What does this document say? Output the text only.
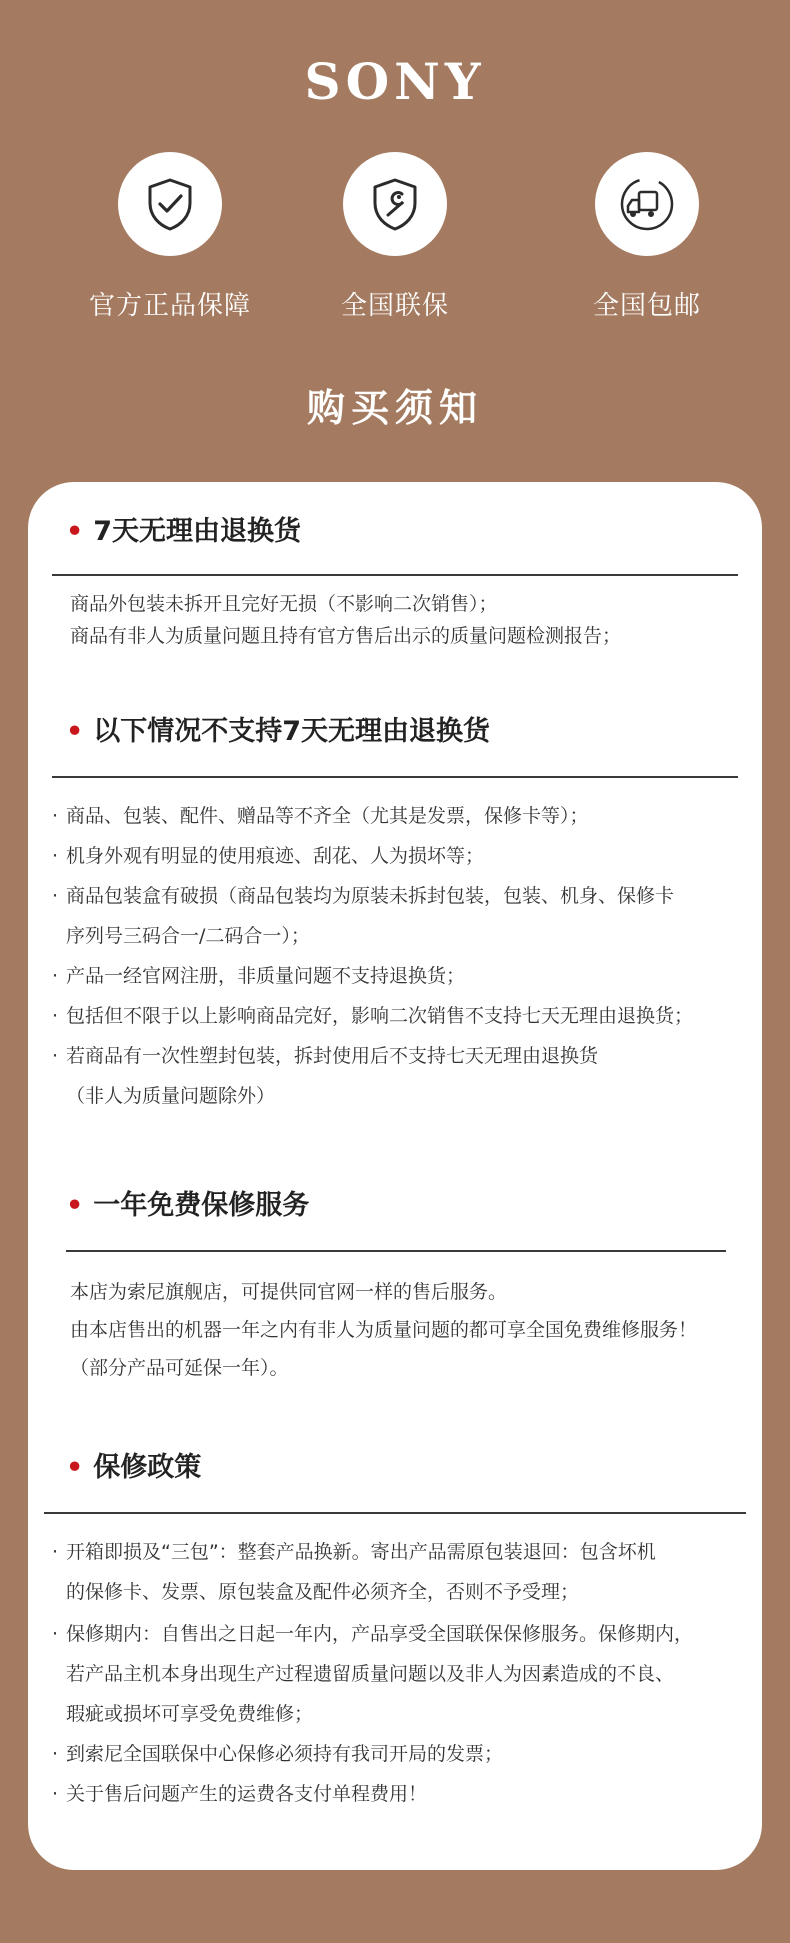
SONY
官方正品保障	全国联保	全国包邮
购买须知
• 7天无理由退换货
商品外包装未拆开且完好无损（不影响二次销售）；
商品有非人为质量问题且持有官方售后出示的质量问题检测报告；
• 以下情况不支持7天无理由退换货
· 商品、包装、配件、赠品等不齐全（尤其是发票，保修卡等）；
· 机身外观有明显的使用痕迹、刮花、人为损坏等；
· 商品包装盒有破损（商品包装均为原装未拆封包装，包装、机身、保修卡
序列号三码合一/二码合一）；
· 产品一经官网注册，非质量问题不支持退换货；
· 包括但不限于以上影响商品完好，影响二次销售不支持七天无理由退换货；
· 若商品有一次性塑封包装，拆封使用后不支持七天无理由退换货
（非人为质量问题除外）
• 一年免费保修服务
本店为索尼旗舰店，可提供同官网一样的售后服务。
由本店售出的机器一年之内有非人为质量问题的都可享全国免费维修服务！
（部分产品可延保一年）。
• 保修政策
· 开箱即损及“三包”：整套产品换新。寄出产品需原包装退回：包含坏机
的保修卡、发票、原包装盒及配件必须齐全，否则不予受理；
· 保修期内：自售出之日起一年内，产品享受全国联保保修服务。保修期内，
若产品主机本身出现生产过程遗留质量问题以及非人为因素造成的不良、
瑕疵或损坏可享受免费维修；
· 到索尼全国联保中心保修必须持有我司开局的发票；
· 关于售后问题产生的运费各支付单程费用！
